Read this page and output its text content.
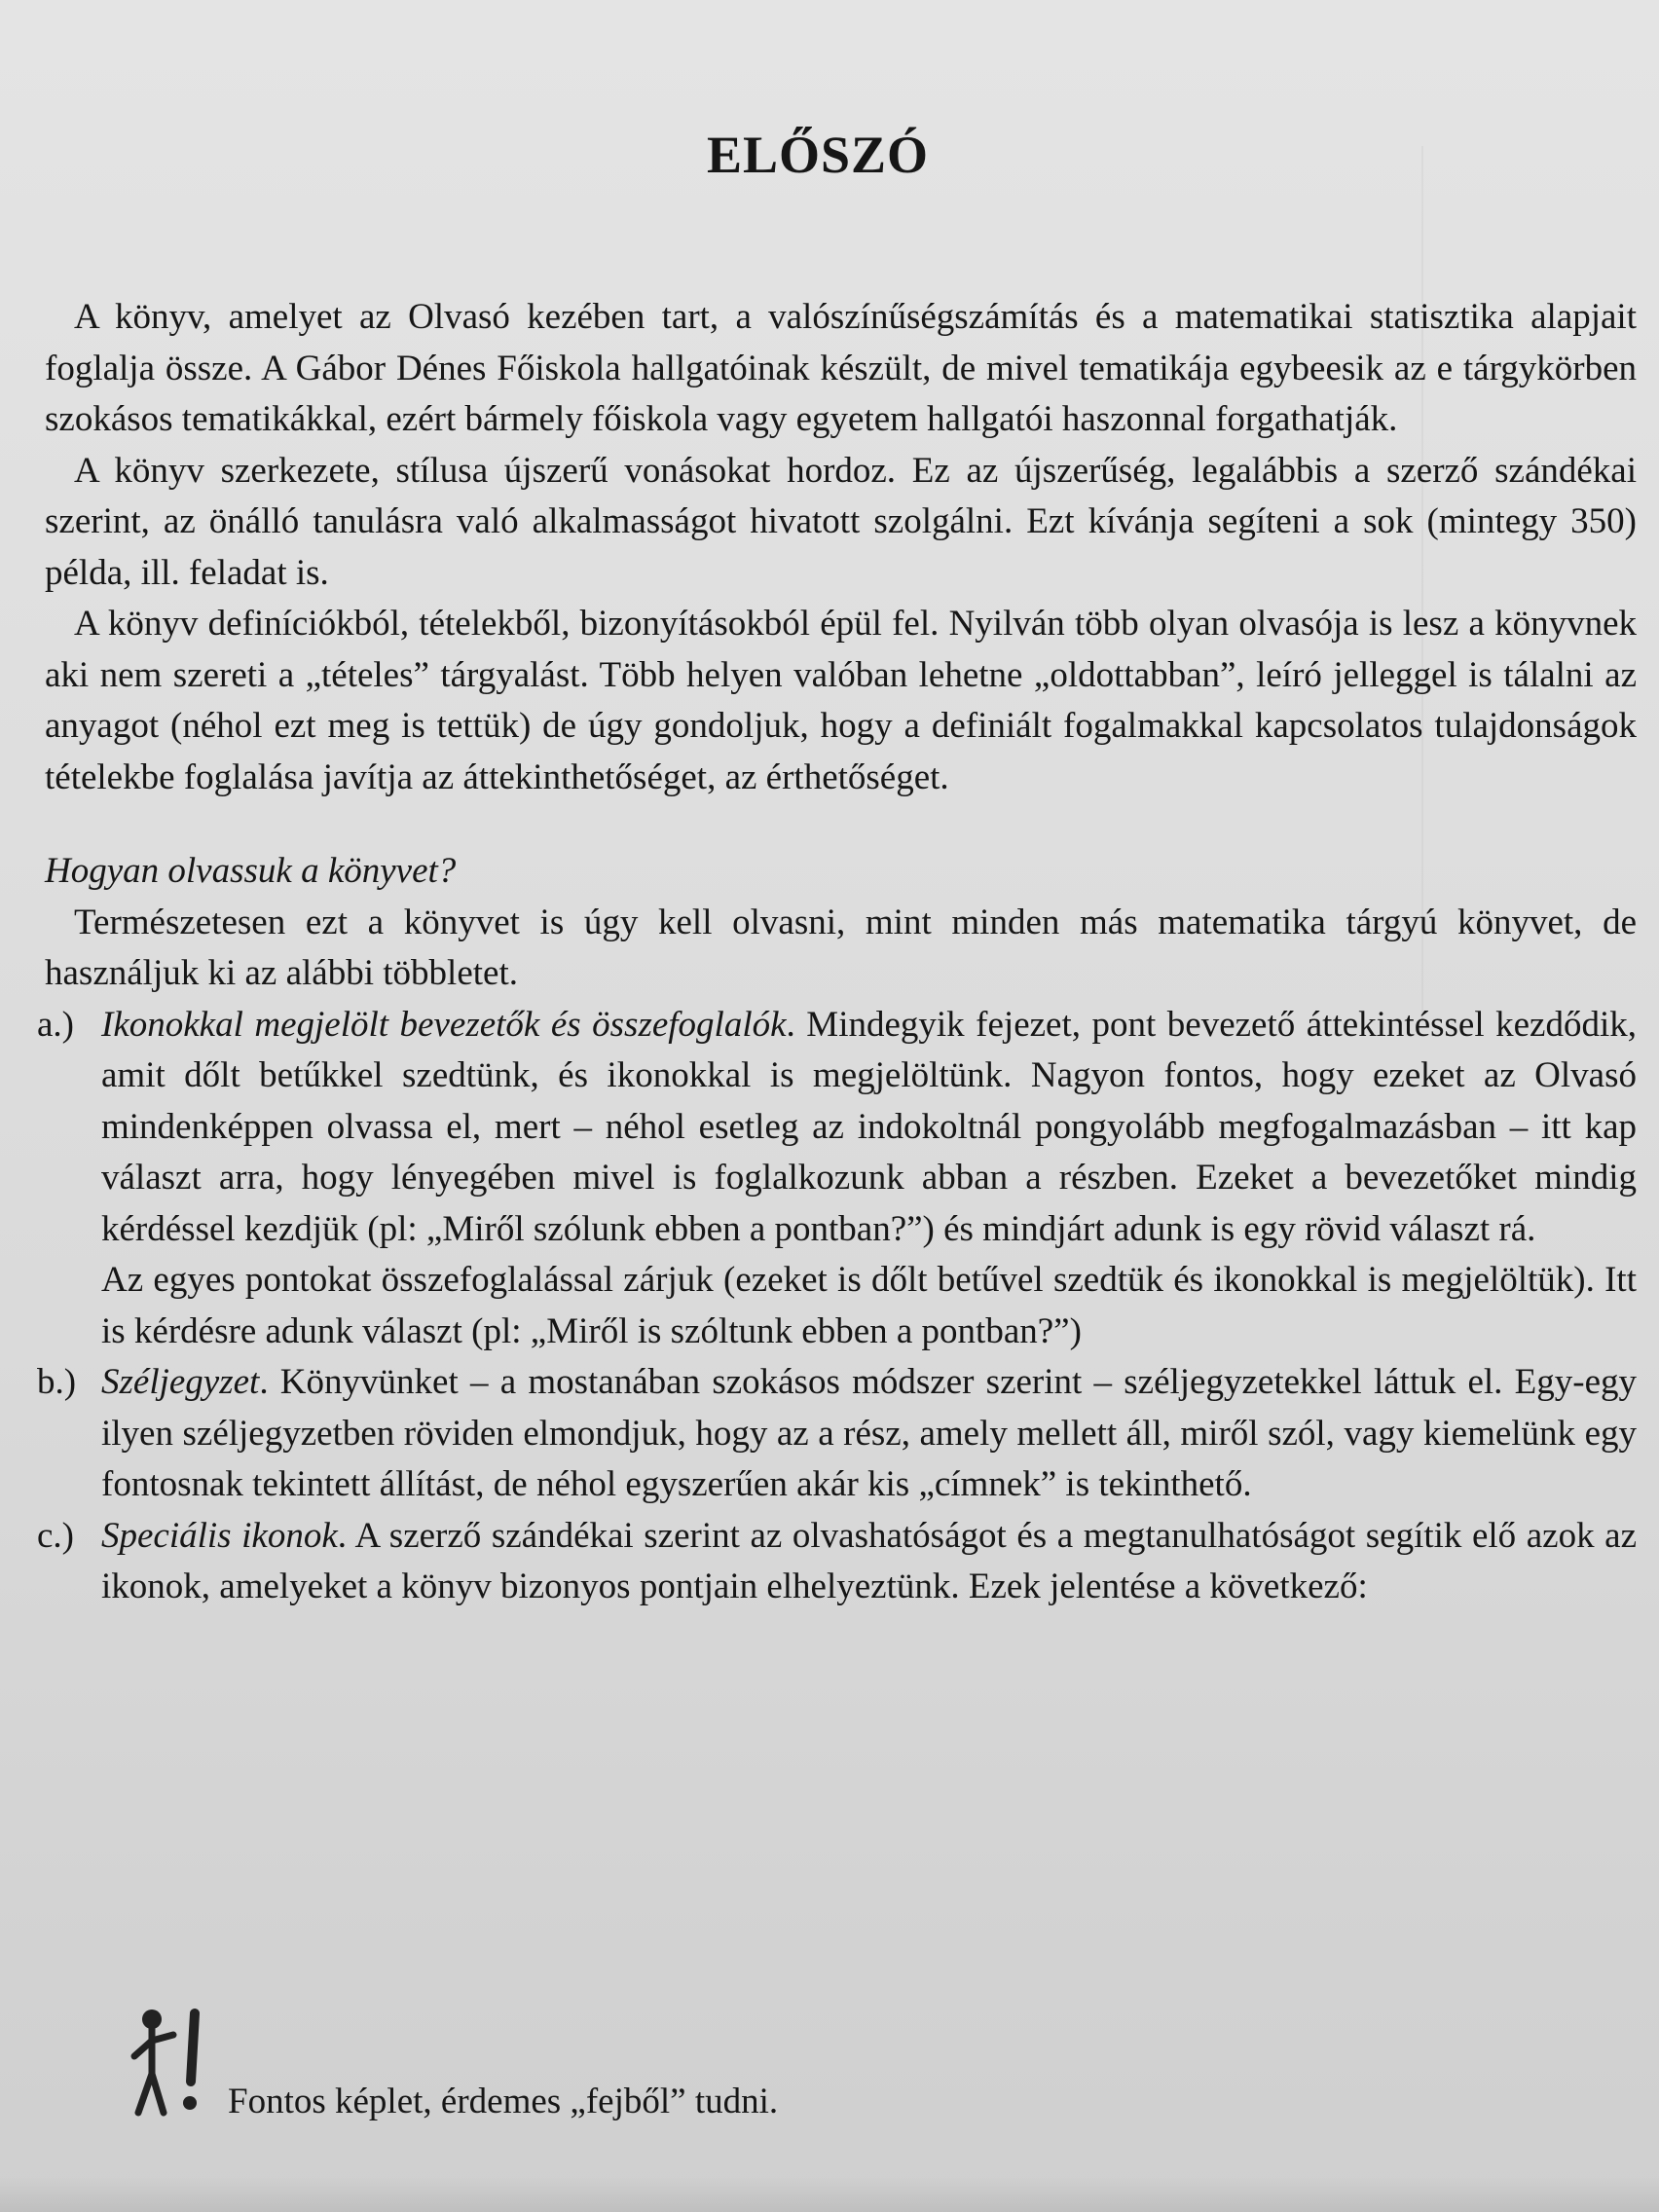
ELŐSZÓ

A könyv, amelyet az Olvasó kezében tart, a valószínűségszámítás és a matematikai statisztika alapjait foglalja össze. A Gábor Dénes Főiskola hallgatóinak készült, de mivel tematikája egybeesik az e tárgykörben szokásos tematikákkal, ezért bármely főiskola vagy egyetem hallgatói haszonnal forgathatják.

A könyv szerkezete, stílusa újszerű vonásokat hordoz. Ez az újszerűség, legalábbis a szerző szándékai szerint, az önálló tanulásra való alkalmasságot hivatott szolgálni. Ezt kívánja segíteni a sok (mintegy 350) példa, ill. feladat is.

A könyv definíciókból, tételekből, bizonyításokból épül fel. Nyilván több olyan olvasója is lesz a könyvnek aki nem szereti a „tételes” tárgyalást. Több helyen valóban lehetne „oldottabban”, leíró jelleggel is tálalni az anyagot (néhol ezt meg is tettük) de úgy gondoljuk, hogy a definiált fogalmakkal kapcsolatos tulajdonságok tételekbe foglalása javítja az áttekinthetőséget, az érthetőséget.

Hogyan olvassuk a könyvet?

Természetesen ezt a könyvet is úgy kell olvasni, mint minden más matematika tárgyú könyvet, de használjuk ki az alábbi többletet.

a.) Ikonokkal megjelölt bevezetők és összefoglalók. Mindegyik fejezet, pont bevezető áttekintéssel kezdődik, amit dőlt betűkkel szedtünk, és ikonokkal is megjelöltünk. Nagyon fontos, hogy ezeket az Olvasó mindenképpen olvassa el, mert – néhol esetleg az indokoltnál pongyolább megfogalmazásban – itt kap választ arra, hogy lényegében mivel is foglalkozunk abban a részben. Ezeket a bevezetőket mindig kérdéssel kezdjük (pl: „Miről szólunk ebben a pontban?”) és mindjárt adunk is egy rövid választ rá.

Az egyes pontokat összefoglalással zárjuk (ezeket is dőlt betűvel szedtük és ikonokkal is megjelöltük). Itt is kérdésre adunk választ (pl: „Miről is szóltunk ebben a pontban?”)

b.) Széljegyzet. Könyvünket – a mostanában szokásos módszer szerint – széljegyzetekkel láttuk el. Egy-egy ilyen széljegyzetben röviden elmondjuk, hogy az a rész, amely mellett áll, miről szól, vagy kiemelünk egy fontosnak tekintett állítást, de néhol egyszerűen akár kis „címnek” is tekinthető.

c.) Speciális ikonok. A szerző szándékai szerint az olvashatóságot és a megtanulhatóságot segítik elő azok az ikonok, amelyeket a könyv bizonyos pontjain elhelyeztünk. Ezek jelentése a következő:

Fontos képlet, érdemes „fejből” tudni.
